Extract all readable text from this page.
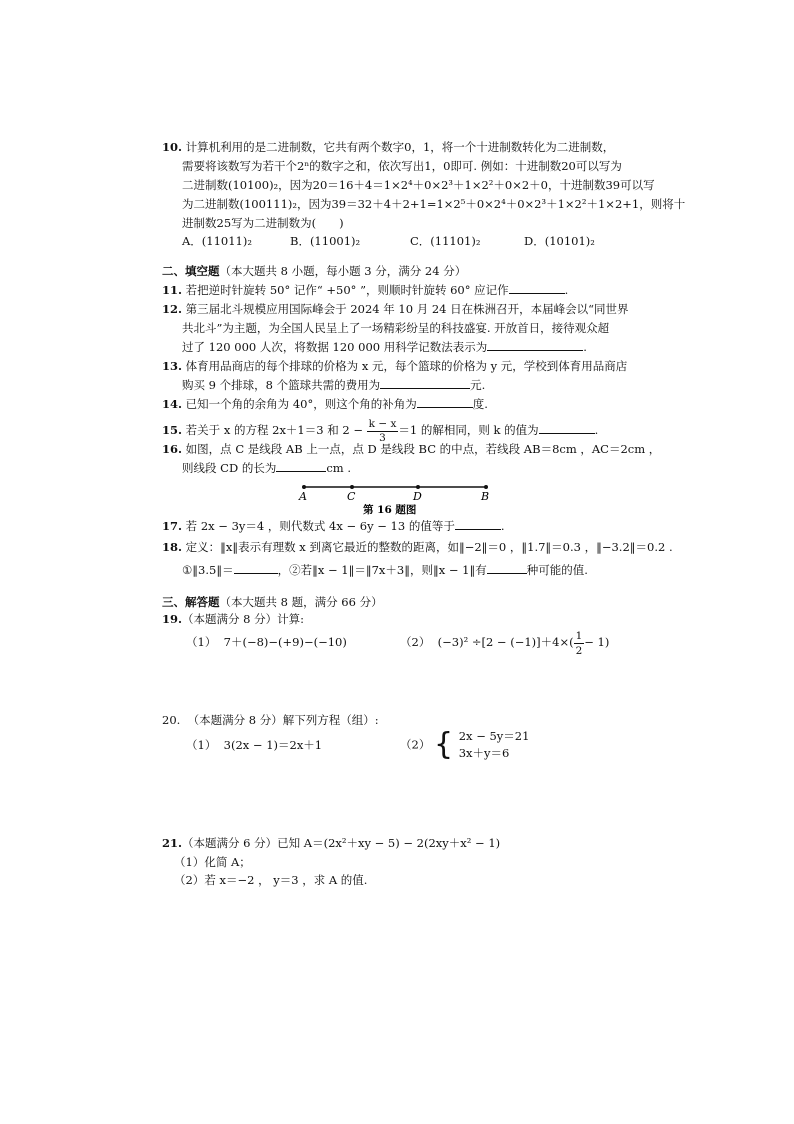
10. 计算机利用的是二进制数，它共有两个数字0，1，将一个十进制数转化为二进制数，
需要将该数写为若干个2ⁿ的数字之和，依次写出1，0即可. 例如：十进制数20可以写为
二进制数(10100)₂，因为20＝16＋4＝1×2⁴＋0×2³＋1×2²＋0×2＋0，十进制数39可以写
为二进制数(100111)₂，因为39＝32＋4＋2+1=1×2⁵＋0×2⁴＋0×2³＋1×2²＋1×2+1，则将十
进制数25写为二进制数为(　　)
A．(11011)₂	B．(11001)₂	C．(11101)₂	D．(10101)₂
二、填空题（本大题共 8 小题，每小题 3 分，满分 24 分）
11. 若把逆时针旋转 50° 记作“ +50° ”，则顺时针旋转 60° 应记作	.
12. 第三届北斗规模应用国际峰会于 2024 年 10 月 24 日在株洲召开，本届峰会以“同世界
共北斗”为主题，为全国人民呈上了一场精彩纷呈的科技盛宴. 开放首日，接待观众超
过了 120 000 人次，将数据 120 000 用科学记数法表示为	.
13. 体育用品商店的每个排球的价格为 x 元，每个篮球的价格为 y 元，学校到体育用品商店
购买 9 个排球，8 个篮球共需的费用为	元.
14. 已知一个角的余角为 40°，则这个角的补角为	度.
15. 若关于 x 的方程 2x＋1＝3 和 $2 - \frac{k - x}{3} =1$ 的解相同，则 k 的值为	.
16. 如图，点 C 是线段 AB 上一点，点 D 是线段 BC 的中点，若线段 AB＝8cm ，AC＝2cm ，
则线段 CD 的长为	cm .
A	C	D	B
第 16 题图
17. 若 2x − 3y＝4 ，则代数式 4x − 6y − 13 的值等于	.
18. 定义：‖x‖表示有理数 x 到离它最近的整数的距离，如‖−2‖＝0 ，‖1.7‖＝0.3 ，‖−3.2‖＝0.2 .
①‖3.5‖＝	，②若‖x − 1‖＝‖7x＋3‖，则‖x − 1‖有	种可能的值.
三、解答题（本大题共 8 题，满分 66 分）
19.（本题满分 8 分）计算:
（1） 7＋(−8)−(+9)−(−10)	（2） $(-3)^2 \div[2 - (-1)]+4\times( \frac{1}{2} - 1)$
20. （本题满分 8 分）解下列方程（组）:
（1） 3(2x − 1)＝2x＋1	（2） { 2x − 5y＝21
3x＋y＝6
21.（本题满分 6 分）已知 A＝(2x²＋xy − 5) − 2(2xy＋x² − 1)
（1）化简 A；
（2）若 x＝−2 ， y＝3 ，求 A 的值.
